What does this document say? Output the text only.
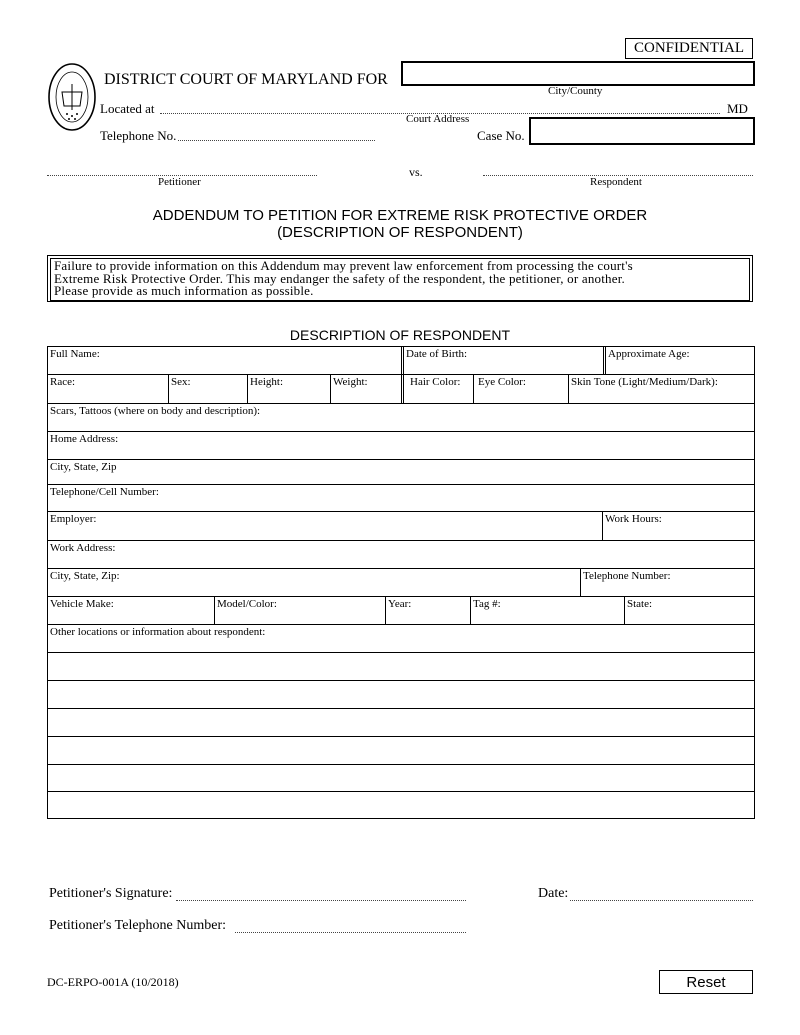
CONFIDENTIAL
DISTRICT COURT OF MARYLAND FOR
City/County
Located at	MD
Court Address
Telephone No.	Case No.
Petitioner
vs.
Respondent
ADDENDUM TO PETITION FOR EXTREME RISK PROTECTIVE ORDER
(DESCRIPTION OF RESPONDENT)
Failure to provide information on this Addendum may prevent law enforcement from processing the court's
Extreme Risk Protective Order. This may endanger the safety of the respondent, the petitioner, or another.
Please provide as much information as possible.
DESCRIPTION OF RESPONDENT
Full Name:	Date of Birth:	Approximate Age:
Race:	Sex:	Height:	Weight:	Hair Color:	Eye Color:	Skin Tone (Light/Medium/Dark):
Scars, Tattoos (where on body and description):
Home Address:
City, State, Zip
Telephone/Cell Number:
Employer:	Work Hours:
Work Address:
City, State, Zip:	Telephone Number:
Vehicle Make:	Model/Color:	Year:	Tag #:	State:
Other locations or information about respondent:
Petitioner's Signature:	Date:
Petitioner's Telephone Number:
DC-ERPO-001A (10/2018)	Reset
